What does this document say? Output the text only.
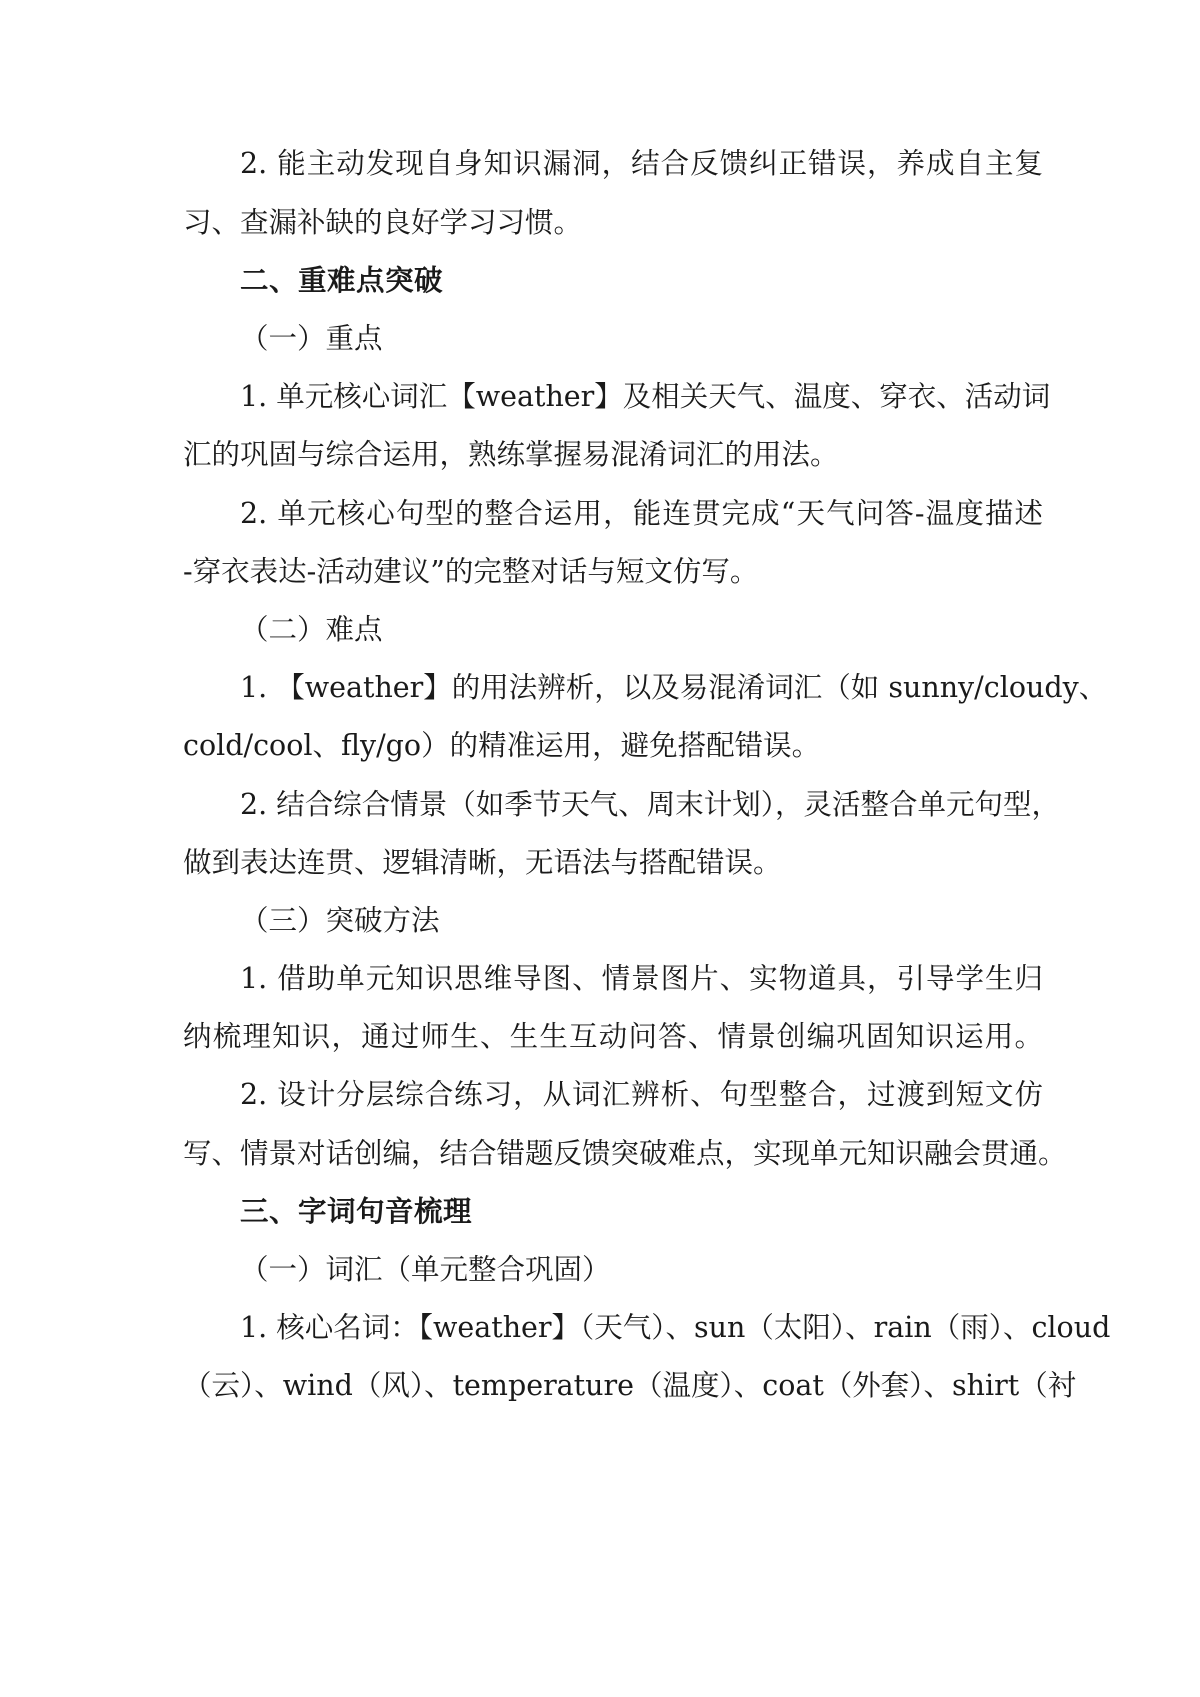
2. 能主动发现自身知识漏洞，结合反馈纠正错误，养成自主复
习、查漏补缺的良好学习习惯。
二、重难点突破
（一）重点
1. 单元核心词汇【weather】及相关天气、温度、穿衣、活动词
汇的巩固与综合运用，熟练掌握易混淆词汇的用法。
2. 单元核心句型的整合运用，能连贯完成“天气问答-温度描述
-穿衣表达-活动建议”的完整对话与短文仿写。
（二）难点
1. 【weather】的用法辨析，以及易混淆词汇（如 sunny/cloudy、
cold/cool、fly/go）的精准运用，避免搭配错误。
2. 结合综合情景（如季节天气、周末计划），灵活整合单元句型，
做到表达连贯、逻辑清晰，无语法与搭配错误。
（三）突破方法
1. 借助单元知识思维导图、情景图片、实物道具，引导学生归
纳梳理知识，通过师生、生生互动问答、情景创编巩固知识运用。
2. 设计分层综合练习，从词汇辨析、句型整合，过渡到短文仿
写、情景对话创编，结合错题反馈突破难点，实现单元知识融会贯通。
三、字词句音梳理
（一）词汇（单元整合巩固）
1. 核心名词：【weather】（天气）、sun（太阳）、rain（雨）、cloud
（云）、wind（风）、temperature（温度）、coat（外套）、shirt（衬
